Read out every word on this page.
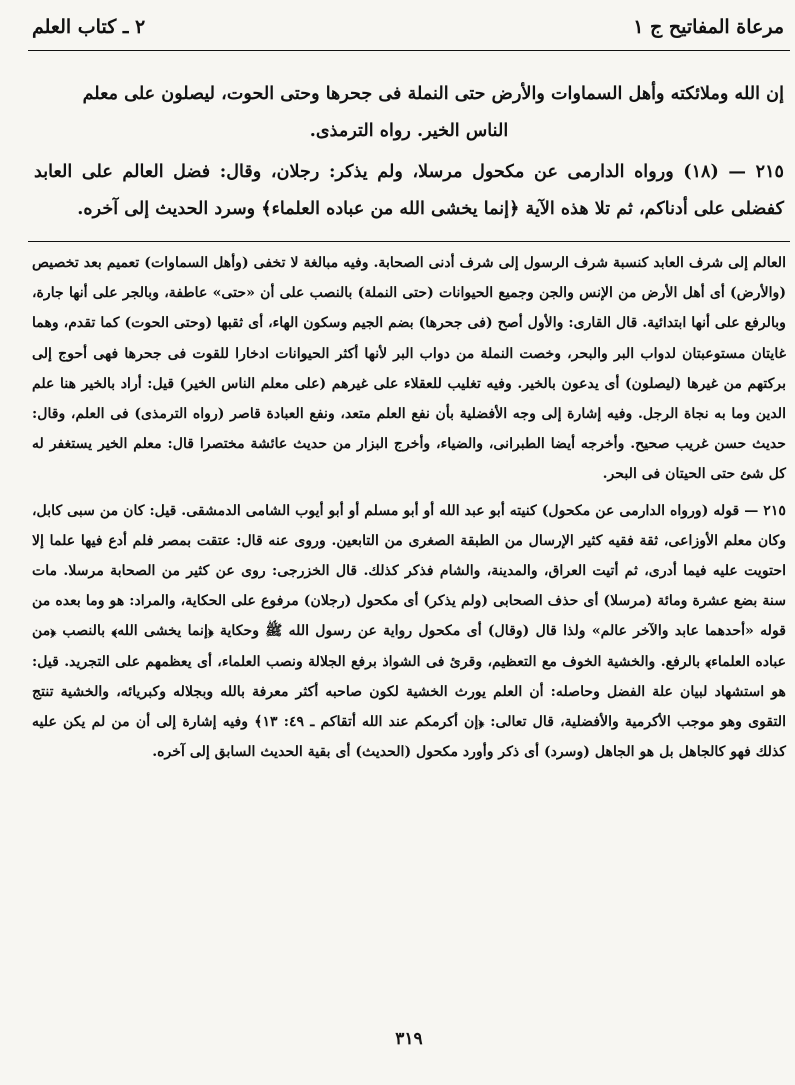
مرعاة المفاتيح ج ١
٢ ـ كتاب العلم

إن الله وملائكته وأهل السماوات والأرض حتى النملة فى جحرها وحتى الحوت، ليصلون على معلم
الناس الخير. رواه الترمذى.

٢١٥ — (١٨) ورواه الدارمى عن مكحول مرسلا، ولم يذكر: رجلان، وقال: فضل العالم على العابد كفضلى على أدناكم، ثم تلا هذه الآية ﴿إنما يخشى الله من عباده العلماء﴾ وسرد الحديث إلى آخره.

العالم إلى شرف العابد كنسبة شرف الرسول إلى شرف أدنى الصحابة. وفيه مبالغة لا تخفى (وأهل السماوات) تعميم بعد تخصيص (والأرض) أى أهل الأرض من الإنس والجن وجميع الحيوانات (حتى النملة) بالنصب على أن «حتى» عاطفة، وبالجر على أنها جارة، وبالرفع على أنها ابتدائية. قال القارى: والأول أصح (فى جحرها) بضم الجيم وسكون الهاء، أى ثقبها (وحتى الحوت) كما تقدم، وهما غايتان مستوعبتان لدواب البر والبحر، وخصت النملة من دواب البر لأنها أكثر الحيوانات ادخارا للقوت فى جحرها فهى أحوج إلى بركتهم من غيرها (ليصلون) أى يدعون بالخير. وفيه تغليب للعقلاء على غيرهم (على معلم الناس الخير) قيل: أراد بالخير هنا علم الدين وما به نجاة الرجل. وفيه إشارة إلى وجه الأفضلية بأن نفع العلم متعد، ونفع العبادة قاصر (رواه الترمذى) فى العلم، وقال: حديث حسن غريب صحيح. وأخرجه أيضا الطبرانى، والضياء، وأخرج البزار من حديث عائشة مختصرا قال: معلم الخير يستغفر له كل شئ حتى الحيتان فى البحر.

٢١٥ — قوله (ورواه الدارمى عن مكحول) كنيته أبو عبد الله أو أبو مسلم أو أبو أيوب الشامى الدمشقى. قيل: كان من سبى كابل، وكان معلم الأوزاعى، ثقة فقيه كثير الإرسال من الطبقة الصغرى من التابعين. وروى عنه قال: عتقت بمصر فلم أدع فيها علما إلا احتويت عليه فيما أدرى، ثم أتيت العراق، والمدينة، والشام فذكر كذلك. قال الخزرجى: روى عن كثير من الصحابة مرسلا. مات سنة بضع عشرة ومائة (مرسلا) أى حذف الصحابى (ولم يذكر) أى مكحول (رجلان) مرفوع على الحكاية، والمراد: هو وما بعده من قوله «أحدهما عابد والآخر عالم» ولذا قال (وقال) أى مكحول رواية عن رسول الله ﷺ وحكاية ﴿إنما يخشى الله﴾ بالنصب ﴿من عباده العلماء﴾ بالرفع. والخشية الخوف مع التعظيم، وقرئ فى الشواذ برفع الجلالة ونصب العلماء، أى يعظمهم على التجريد. قيل: هو استشهاد لبيان علة الفضل وحاصله: أن العلم يورث الخشية لكون صاحبه أكثر معرفة بالله وبجلاله وكبريائه، والخشية تنتج التقوى وهو موجب الأكرمية والأفضلية، قال تعالى: ﴿إن أكرمكم عند الله أتقاكم ـ ٤٩: ١٣﴾ وفيه إشارة إلى أن من لم يكن عليه كذلك فهو كالجاهل بل هو الجاهل (وسرد) أى ذكر وأورد مكحول (الحديث) أى بقية الحديث السابق إلى آخره.

٣١٩
